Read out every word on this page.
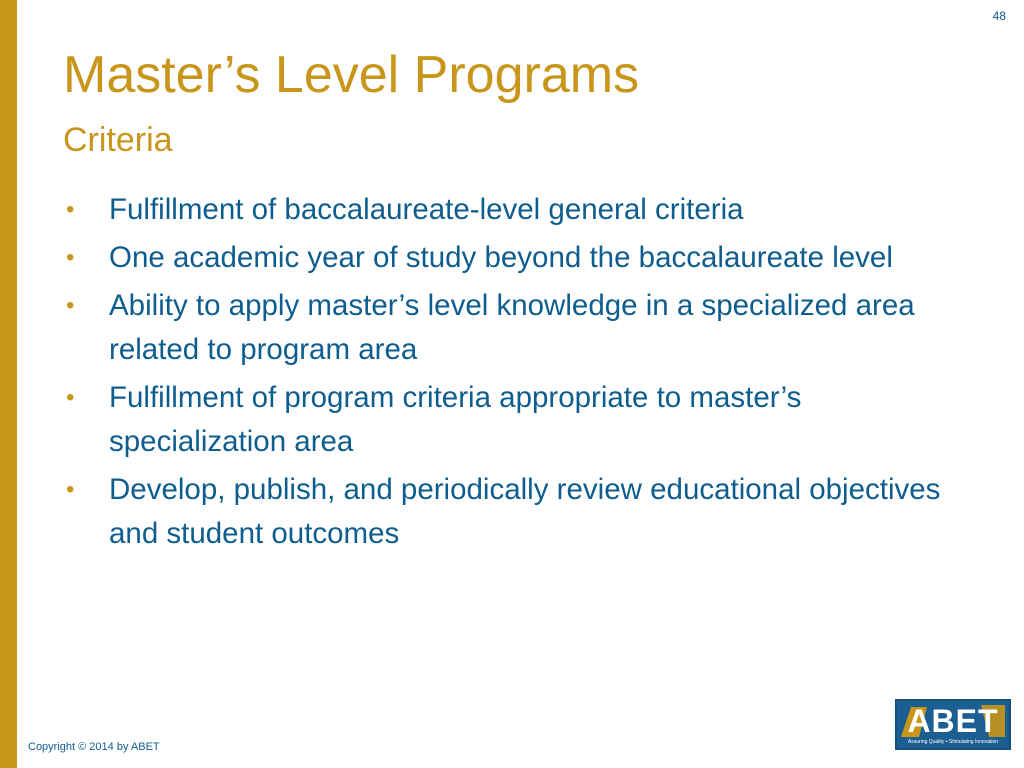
48
Master’s Level Programs
Criteria
• Fulfillment of baccalaureate-level general criteria
• One academic year of study beyond the baccalaureate level
• Ability to apply master’s level knowledge in a specialized area related to program area
• Fulfillment of program criteria appropriate to master’s specialization area
• Develop, publish, and periodically review educational objectives and student outcomes
Copyright © 2014 by ABET
ABET
Assuring Quality • Stimulating Innovation
